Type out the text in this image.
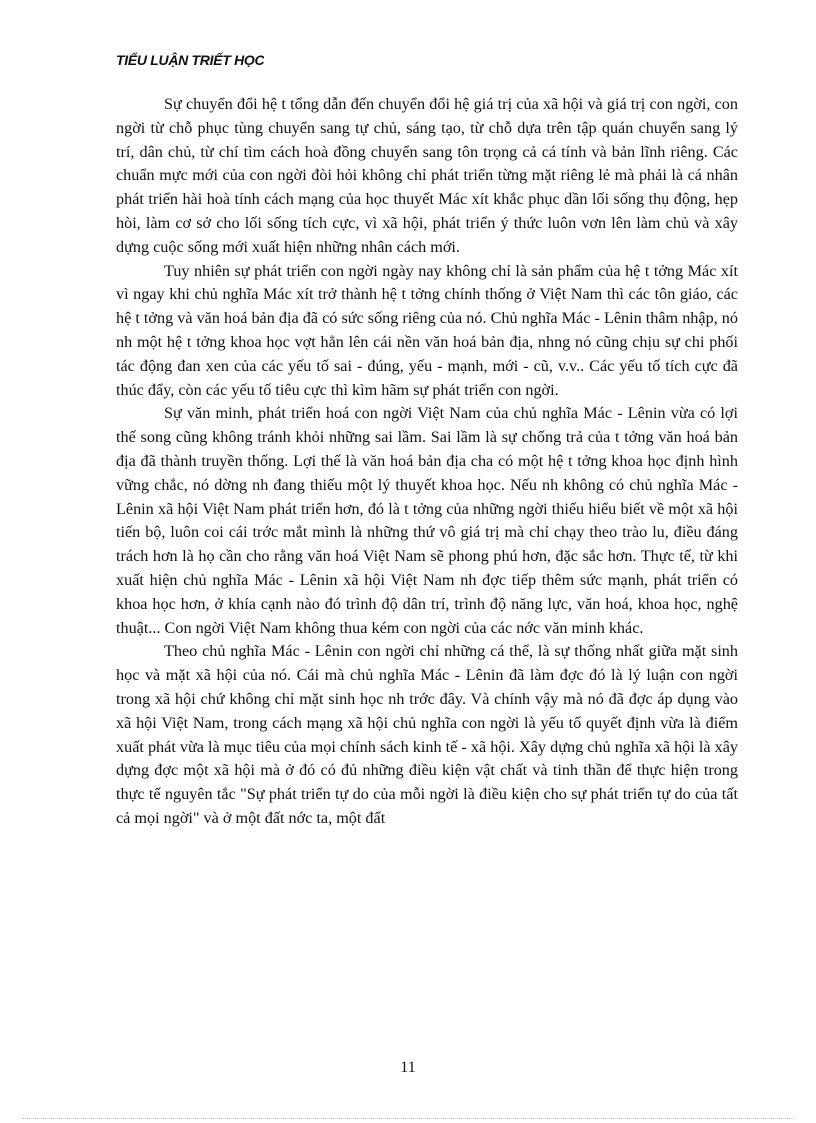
TIỂU LUẬN TRIẾT HỌC

Sự chuyển đổi hệ t tổng dẫn đến chuyển đổi hệ giá trị của xã hội và giá trị con ngời, con ngời từ chỗ phục tùng chuyển sang tự chủ, sáng tạo, từ chỗ dựa trên tập quán chuyển sang lý trí, dân chủ, từ chí tìm cách hoà đồng chuyển sang tôn trọng cả cá tính và bản lĩnh riêng. Các chuẩn mực mới của con ngời đòi hỏi không chỉ phát triển từng mặt riêng lẻ mà phải là cá nhân phát triển hài hoà tính cách mạng của học thuyết Mác xít khắc phục dần lối sống thụ động, hẹp hòi, làm cơ sở cho lối sống tích cực, vì xã hội, phát triển ý thức luôn vơn lên làm chủ và xây dựng cuộc sống mới xuất hiện những nhân cách mới.

Tuy nhiên sự phát triển con ngời ngày nay không chỉ là sản phẩm của hệ t tởng Mác xít vì ngay khi chủ nghĩa Mác xít trở thành hệ t tởng chính thống ở Việt Nam thì các tôn giáo, các hệ t tởng và văn hoá bản địa đã có sức sống riêng của nó. Chủ nghĩa Mác - Lênin thâm nhập, nó nh một hệ t tởng khoa học vợt hẳn lên cái nền văn hoá bản địa, nhng nó cũng chịu sự chi phối tác động đan xen của các yếu tố sai - đúng, yếu - mạnh, mới - cũ, v.v.. Các yếu tố tích cực đã thúc đẩy, còn các yếu tố tiêu cực thì kìm hãm sự phát triển con ngời.

Sự văn minh, phát triển hoá con ngời Việt Nam của chủ nghĩa Mác - Lênin vừa có lợi thế song cũng không tránh khỏi những sai lầm. Sai lầm là sự chống trả của t tởng văn hoá bản địa đã thành truyền thống. Lợi thế là văn hoá bản địa cha có một hệ t tởng khoa học định hình vững chắc, nó dờng nh đang thiếu một lý thuyết khoa học. Nếu nh không có chủ nghĩa Mác - Lênin xã hội Việt Nam phát triển hơn, đó là t tởng của những ngời thiếu hiểu biết về một xã hội tiến bộ, luôn coi cái trớc mắt mình là những thứ vô giá trị mà chỉ chạy theo trào lu, điều đáng trách hơn là họ cần cho rằng văn hoá Việt Nam sẽ phong phú hơn, đặc sắc hơn. Thực tế, từ khi xuất hiện chủ nghĩa Mác - Lênin xã hội Việt Nam nh đợc tiếp thêm sức mạnh, phát triển có khoa học hơn, ở khía cạnh nào đó trình độ dân trí, trình độ năng lực, văn hoá, khoa học, nghệ thuật... Con ngời Việt Nam không thua kém con ngời của các nớc văn minh khác.

Theo chủ nghĩa Mác - Lênin con ngời chỉ những cá thể, là sự thống nhất giữa mặt sinh học và mặt xã hội của nó. Cái mà chủ nghĩa Mác - Lênin đã làm đợc đó là lý luận con ngời trong xã hội chứ không chỉ mặt sinh học nh trớc đây. Và chính vậy mà nó đã đợc áp dụng vào xã hội Việt Nam, trong cách mạng xã hội chủ nghĩa con ngời là yếu tố quyết định vừa là điểm xuất phát vừa là mục tiêu của mọi chính sách kinh tế - xã hội. Xây dựng chủ nghĩa xã hội là xây dựng đợc một xã hội mà ở đó có đủ những điều kiện vật chất và tinh thần để thực hiện trong thực tế nguyên tắc "Sự phát triển tự do của mỗi ngời là điều kiện cho sự phát triển tự do của tất cả mọi ngời" và ở một đất nớc ta, một đất

11
